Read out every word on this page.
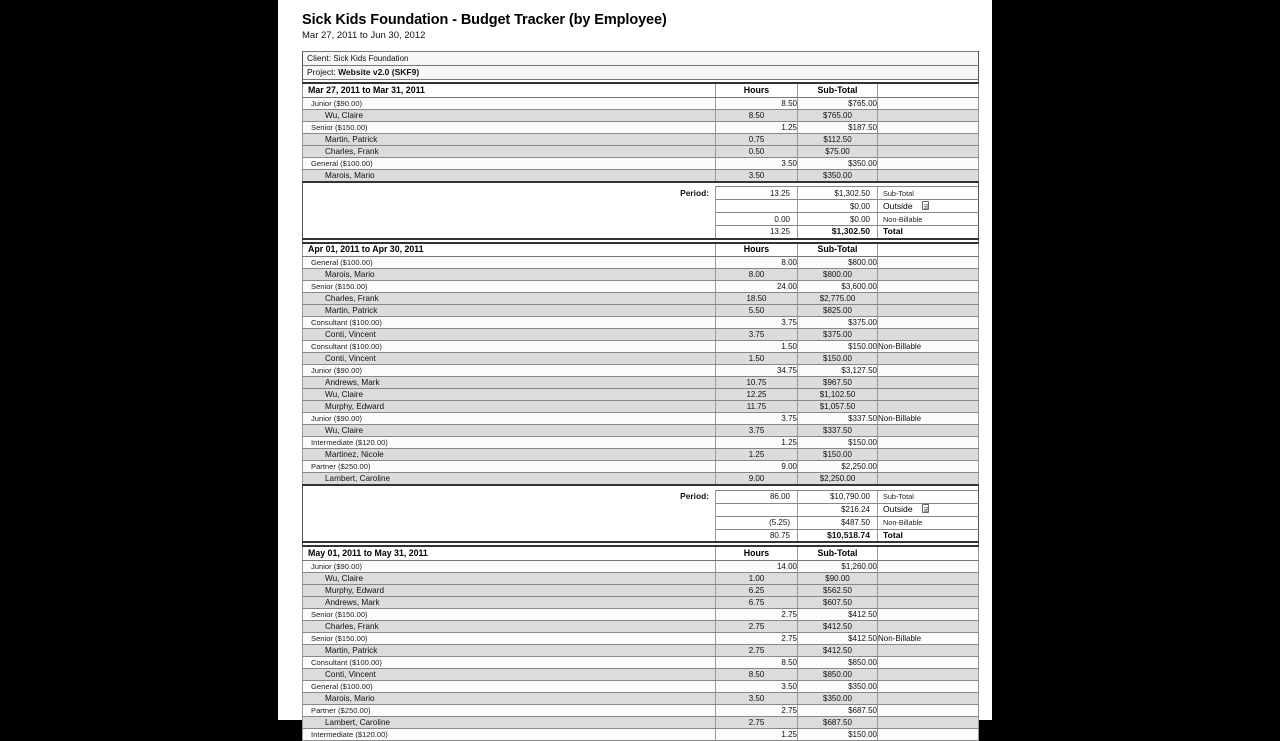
Sick Kids Foundation - Budget Tracker (by Employee)
Mar 27, 2011 to Jun 30, 2012
Client: Sick Kids Foundation			
Project: Website v2.0 (SKF9)			

Mar 27, 2011 to Mar 31, 2011	Hours	Sub-Total	
Junior ($90.00)	8.50	$765.00	
Wu, Claire	8.50	$765.00	
Senior ($150.00)	1.25	$187.50	
Martin, Patrick	0.75	$112.50	
Charles, Frank	0.50	$75.00	
General ($100.00)	3.50	$350.00	
Marois, Mario	3.50	$350.00	

Period:	13.25	$1,302.50	Sub-Total
		$0.00	Outside
	0.00	$0.00	Non-Billable
	13.25	$1,302.50	Total

Apr 01, 2011 to Apr 30, 2011	Hours	Sub-Total	
General ($100.00)	8.00	$800.00	
Marois, Mario	8.00	$800.00	
Senior ($150.00)	24.00	$3,600.00	
Charles, Frank	18.50	$2,775.00	
Martin, Patrick	5.50	$825.00	
Consultant ($100.00)	3.75	$375.00	
Conti, Vincent	3.75	$375.00	
Consultant ($100.00)	1.50	$150.00	Non-Billable
Conti, Vincent	1.50	$150.00	
Junior ($90.00)	34.75	$3,127.50	
Andrews, Mark	10.75	$967.50	
Wu, Claire	12.25	$1,102.50	
Murphy, Edward	11.75	$1,057.50	
Junior ($90.00)	3.75	$337.50	Non-Billable
Wu, Claire	3.75	$337.50	
Intermediate ($120.00)	1.25	$150.00	
Martinez, Nicole	1.25	$150.00	
Partner ($250.00)	9.00	$2,250.00	
Lambert, Caroline	9.00	$2,250.00	

Period:	86.00	$10,790.00	Sub-Total
		$216.24	Outside
	(5.25)	$487.50	Non-Billable
	80.75	$10,518.74	Total

May 01, 2011 to May 31, 2011	Hours	Sub-Total	
Junior ($90.00)	14.00	$1,260.00	
Wu, Claire	1.00	$90.00	
Murphy, Edward	6.25	$562.50	
Andrews, Mark	6.75	$607.50	
Senior ($150.00)	2.75	$412.50	
Charles, Frank	2.75	$412.50	
Senior ($150.00)	2.75	$412.50	Non-Billable
Martin, Patrick	2.75	$412.50	
Consultant ($100.00)	8.50	$850.00	
Conti, Vincent	8.50	$850.00	
General ($100.00)	3.50	$350.00	
Marois, Mario	3.50	$350.00	
Partner ($250.00)	2.75	$687.50	
Lambert, Caroline	2.75	$687.50	
Intermediate ($120.00)	1.25	$150.00	
